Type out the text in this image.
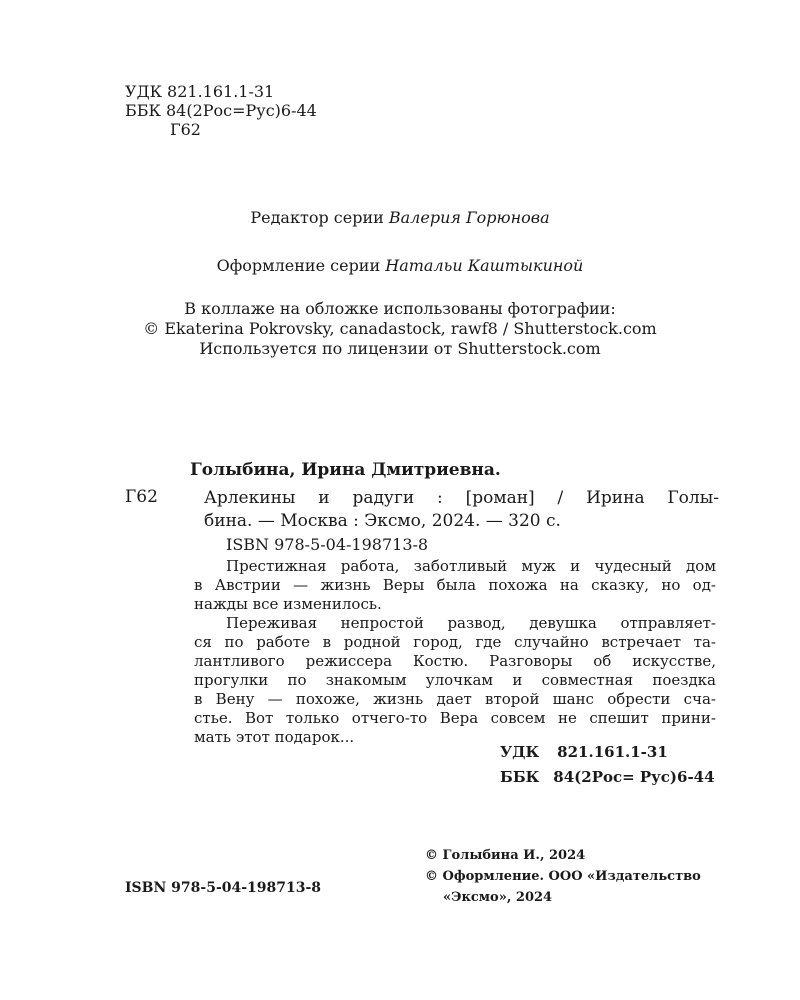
УДК 821.161.1-31
ББК 84(2Рос=Рус)6-44
Г62
Редактор серии Валерия Горюнова
Оформление серии Натальи Каштыкиной
В коллаже на обложке использованы фотографии:
© Ekaterina Pokrovsky, canadastock, rawf8 / Shutterstock.com
Используется по лицензии от Shutterstock.com
Голыбина, Ирина Дмитриевна.
Г62	Арлекины и радуги : [роман] / Ирина Голы-
бина. — Москва : Эксмо, 2024. — 320 с.
ISBN 978-5-04-198713-8
Престижная работа, заботливый муж и чудесный дом
в Австрии — жизнь Веры была похожа на сказку, но од-
нажды все изменилось.
Переживая непростой развод, девушка отправляет-
ся по работе в родной город, где случайно встречает та-
лантливого режиссера Костю. Разговоры об искусстве,
прогулки по знакомым улочкам и совместная поездка
в Вену — похоже, жизнь дает второй шанс обрести сча-
стье. Вот только отчего-то Вера совсем не спешит прини-
мать этот подарок...
УДК 821.161.1-31
ББК 84(2Рос= Рус)6-44
ISBN 978-5-04-198713-8
© Голыбина И., 2024
© Оформление. ООО «Издательство
«Эксмо», 2024
